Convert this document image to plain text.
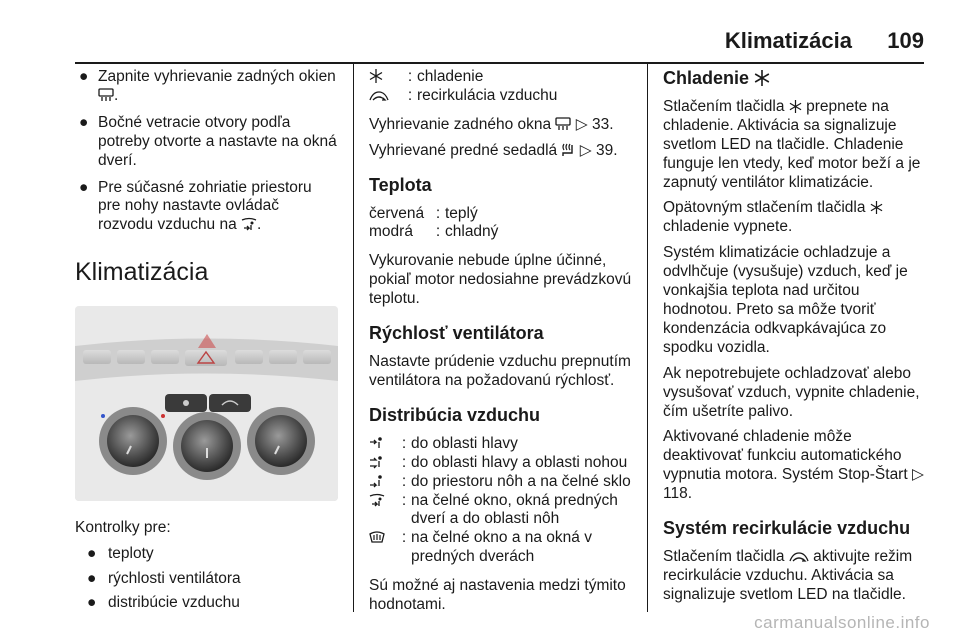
Klimatizácia 109
● Zapnite vyhrievanie zadných okien .
● Bočné vetracie otvory podľa potreby otvorte a nastavte na okná dverí.
● Pre súčasné zohriatie priestoru pre nohy nastavte ovládač rozvodu vzduchu na .
Klimatizácia

Kontrolky pre:

● teploty
● rýchlosti ventilátora
● distribúcie vzduchu
: chladenie
: recirkulácia vzduchu

Vyhrievanie zadného okna ▷ 33.

Vyhrievané predné sedadlá ▷ 39.

Teplota
červená : teplý
modrá	: chladný

Vykurovanie nebude úplne účinné, pokiaľ motor nedosiahne prevádzkovú teplotu.

Rýchlosť ventilátora

Nastavte prúdenie vzduchu prepnutím ventilátora na požadovanú rýchlosť.

Distribúcia vzduchu
: do oblasti hlavy
: do oblasti hlavy a oblasti nohou
: do priestoru nôh a na čelné sklo
: na čelné okno, okná predných dverí a do oblasti nôh
: na čelné okno a na okná v predných dverách

Sú možné aj nastavenia medzi týmito hodnotami.

Chladenie

Stlačením tlačidla prepnete na chladenie. Aktivácia sa signalizuje svetlom LED na tlačidle. Chladenie funguje len vtedy, keď motor beží a je zapnutý ventilátor klimatizácie.

Opätovným stlačením tlačidla  chladenie vypnete.

Systém klimatizácie ochladzuje a odvlhčuje (vysušuje) vzduch, keď je vonkajšia teplota nad určitou hodnotou. Preto sa môže tvoriť kondenzácia odkvapkávajúca zo spodku vozidla.

Ak nepotrebujete ochladzovať alebo vysušovať vzduch, vypnite chladenie, čím ušetríte palivo.

Aktivované chladenie môže deaktivovať funkciu automatického vypnutia motora. Systém Stop-Štart ▷ 118.

Systém recirkulácie vzduchu

Stlačením tlačidla aktivujte režim recirkulácie vzduchu. Aktivácia sa signalizuje svetlom LED na tlačidle.

carmanualsonline.info
